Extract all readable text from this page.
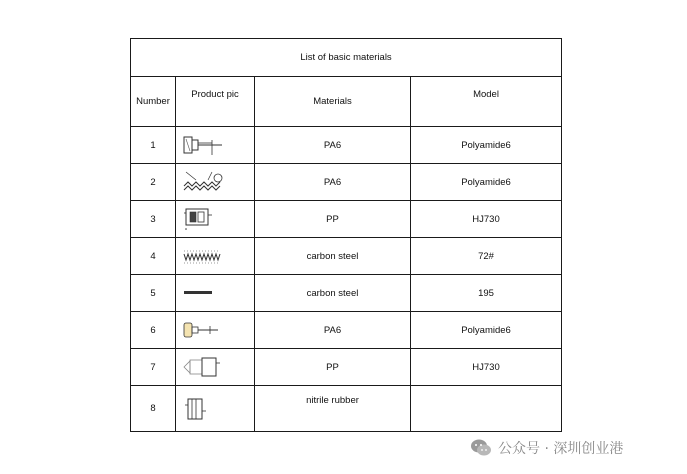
List of basic materials			
Number	Product pic	Materials	Model
1		PA6	Polyamide6
2		PA6	Polyamide6
3		PP	HJ730
4		carbon steel	72#
5		carbon steel	195
6		PA6	Polyamide6
7		PP	HJ730
8		nitrile rubber	
公众号 · 深圳创业港
